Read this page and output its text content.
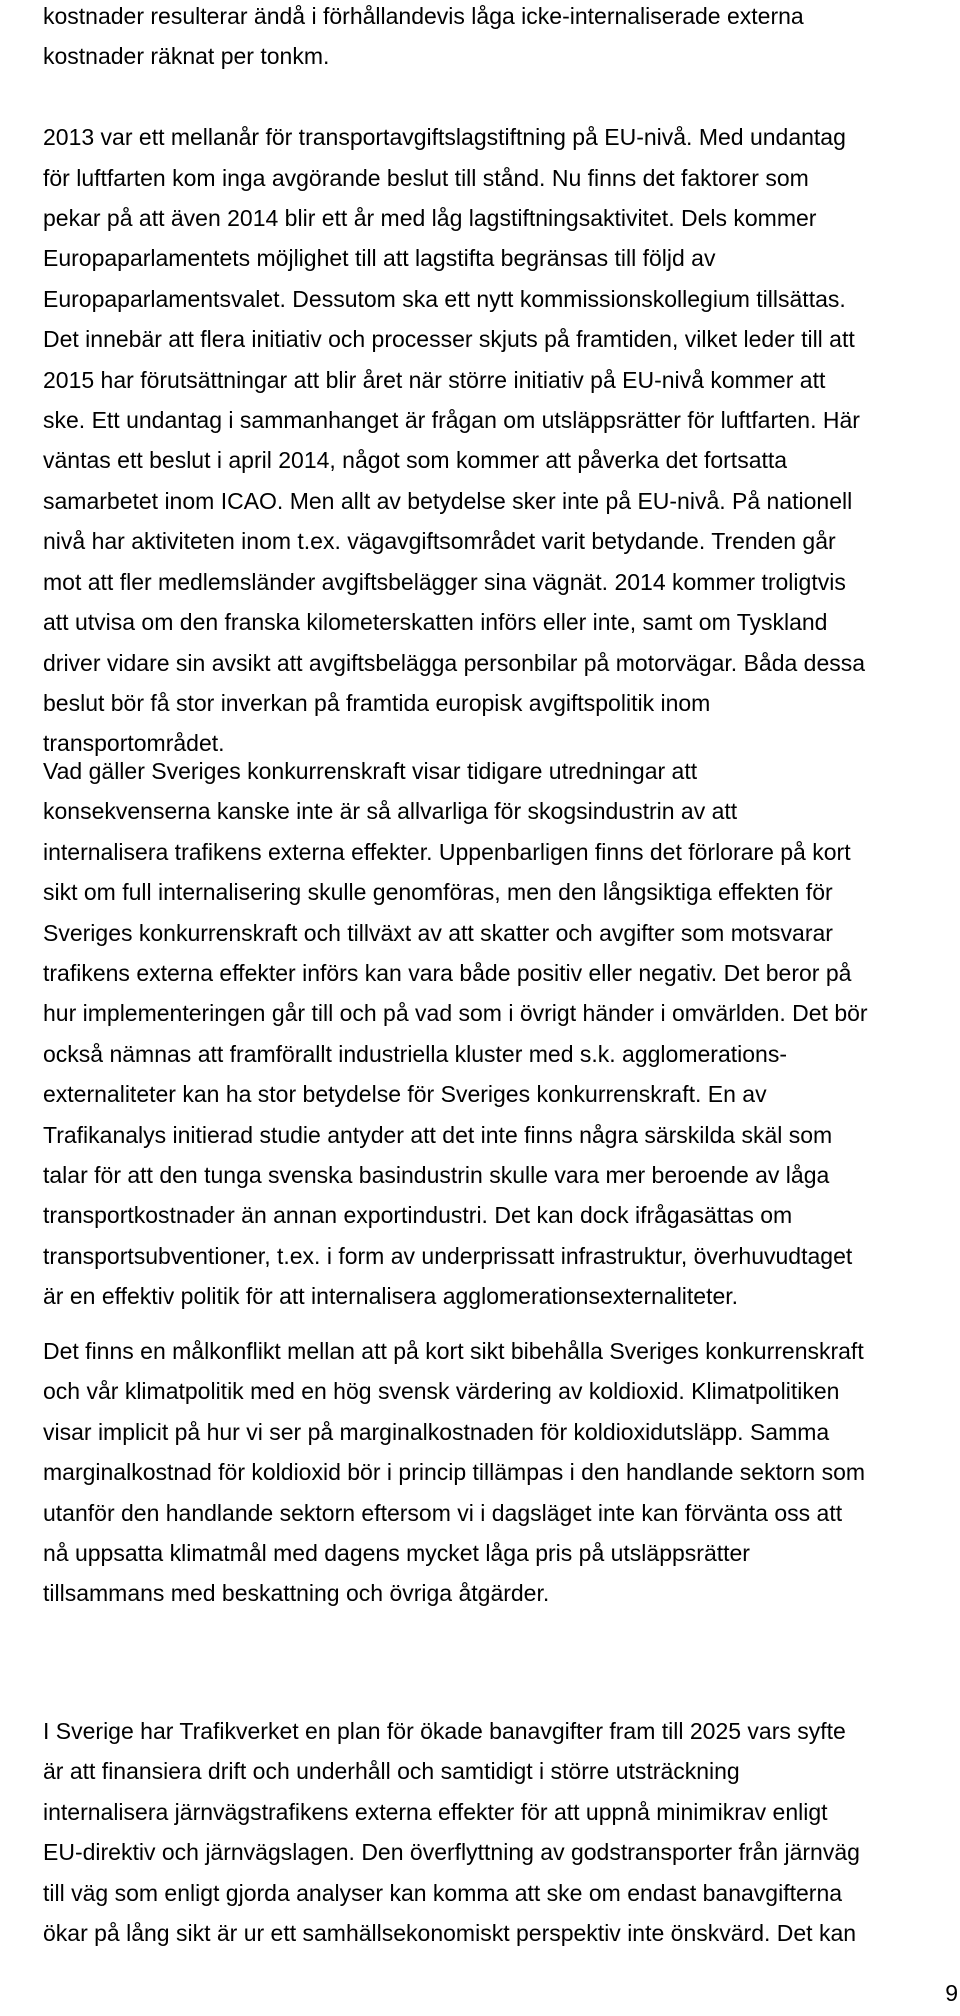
kostnader resulterar ändå i förhållandevis låga icke-internaliserade externa
kostnader räknat per tonkm.

2013 var ett mellanår för transportavgiftslagstiftning på EU-nivå. Med undantag
för luftfarten kom inga avgörande beslut till stånd. Nu finns det faktorer som
pekar på att även 2014 blir ett år med låg lagstiftningsaktivitet. Dels kommer
Europaparlamentets möjlighet till att lagstifta begränsas till följd av
Europaparlamentsvalet. Dessutom ska ett nytt kommissionskollegium tillsättas.
Det innebär att flera initiativ och processer skjuts på framtiden, vilket leder till att
2015 har förutsättningar att blir året när större initiativ på EU-nivå kommer att
ske. Ett undantag i sammanhanget är frågan om utsläppsrätter för luftfarten. Här
väntas ett beslut i april 2014, något som kommer att påverka det fortsatta
samarbetet inom ICAO. Men allt av betydelse sker inte på EU-nivå. På nationell
nivå har aktiviteten inom t.ex. vägavgiftsområdet varit betydande. Trenden går
mot att fler medlemsländer avgiftsbelägger sina vägnät. 2014 kommer troligtvis
att utvisa om den franska kilometerskatten införs eller inte, samt om Tyskland
driver vidare sin avsikt att avgiftsbelägga personbilar på motorvägar. Båda dessa
beslut bör få stor inverkan på framtida europisk avgiftspolitik inom
transportområdet.
Vad gäller Sveriges konkurrenskraft visar tidigare utredningar att
konsekvenserna kanske inte är så allvarliga för skogsindustrin av att
internalisera trafikens externa effekter. Uppenbarligen finns det förlorare på kort
sikt om full internalisering skulle genomföras, men den långsiktiga effekten för
Sveriges konkurrenskraft och tillväxt av att skatter och avgifter som motsvarar
trafikens externa effekter införs kan vara både positiv eller negativ. Det beror på
hur implementeringen går till och på vad som i övrigt händer i omvärlden. Det bör
också nämnas att framförallt industriella kluster med s.k. agglomerations-
externaliteter kan ha stor betydelse för Sveriges konkurrenskraft. En av
Trafikanalys initierad studie antyder att det inte finns några särskilda skäl som
talar för att den tunga svenska basindustrin skulle vara mer beroende av låga
transportkostnader än annan exportindustri. Det kan dock ifrågasättas om
transportsubventioner, t.ex. i form av underprissatt infrastruktur, överhuvudtaget
är en effektiv politik för att internalisera agglomerationsexternaliteter.
Det finns en målkonflikt mellan att på kort sikt bibehålla Sveriges konkurrenskraft
och vår klimatpolitik med en hög svensk värdering av koldioxid. Klimatpolitiken
visar implicit på hur vi ser på marginalkostnaden för koldioxidutsläpp. Samma
marginalkostnad för koldioxid bör i princip tillämpas i den handlande sektorn som
utanför den handlande sektorn eftersom vi i dagsläget inte kan förvänta oss att
nå uppsatta klimatmål med dagens mycket låga pris på utsläppsrätter
tillsammans med beskattning och övriga åtgärder.
I Sverige har Trafikverket en plan för ökade banavgifter fram till 2025 vars syfte
är att finansiera drift och underhåll och samtidigt i större utsträckning
internalisera järnvägstrafikens externa effekter för att uppnå minimikrav enligt
EU-direktiv och järnvägslagen. Den överflyttning av godstransporter från järnväg
till väg som enligt gjorda analyser kan komma att ske om endast banavgifterna
ökar på lång sikt är ur ett samhällsekonomiskt perspektiv inte önskvärd. Det kan
9
